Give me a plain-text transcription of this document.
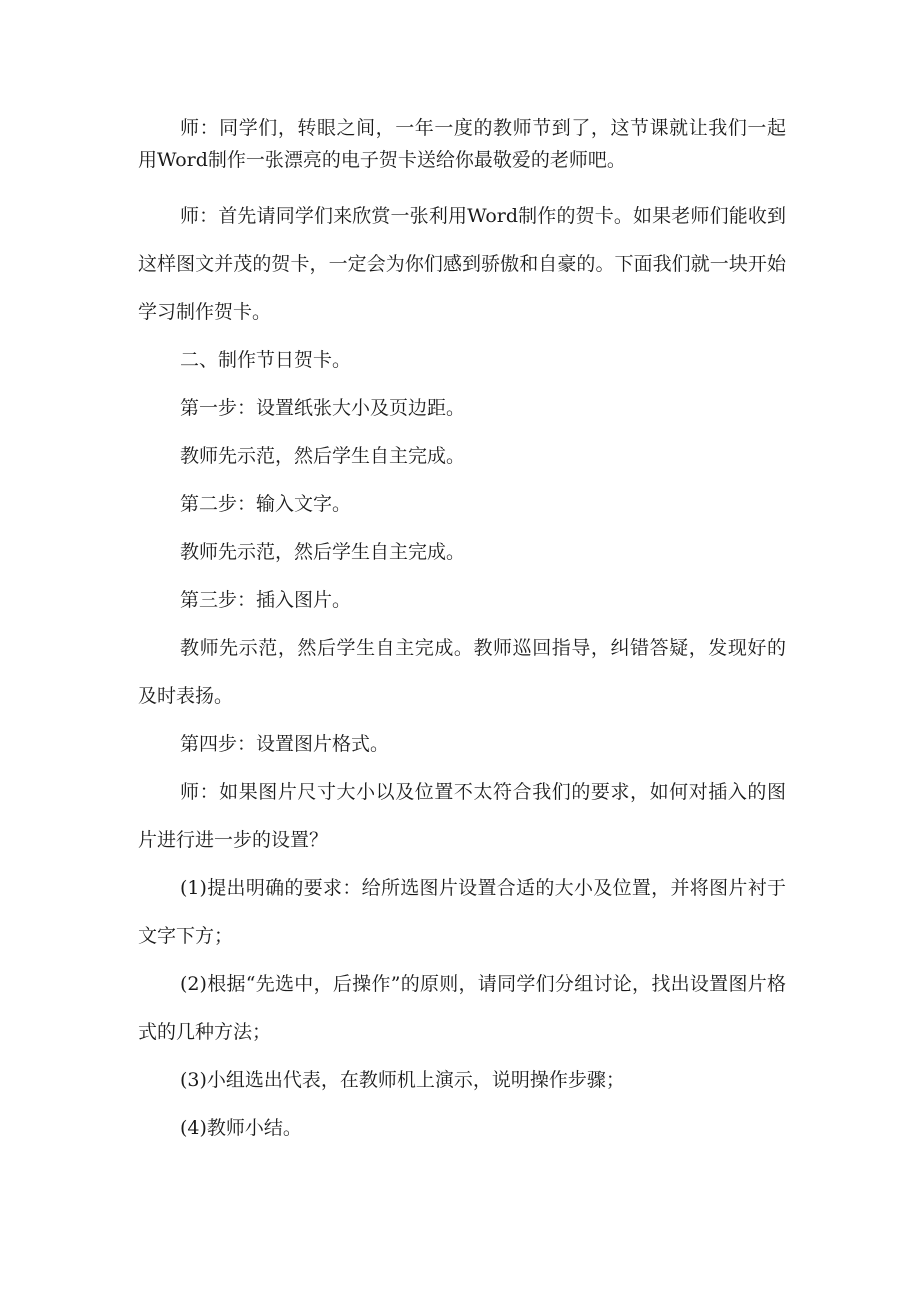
师：同学们，转眼之间，一年一度的教师节到了，这节课就让我们一起用Word制作一张漂亮的电子贺卡送给你最敬爱的老师吧。

师：首先请同学们来欣赏一张利用Word制作的贺卡。如果老师们能收到这样图文并茂的贺卡，一定会为你们感到骄傲和自豪的。下面我们就一块开始学习制作贺卡。

二、制作节日贺卡。

第一步：设置纸张大小及页边距。

教师先示范，然后学生自主完成。

第二步：输入文字。

教师先示范，然后学生自主完成。

第三步：插入图片。

教师先示范，然后学生自主完成。教师巡回指导，纠错答疑，发现好的及时表扬。

第四步：设置图片格式。

师：如果图片尺寸大小以及位置不太符合我们的要求，如何对插入的图片进行进一步的设置？

(1)提出明确的要求：给所选图片设置合适的大小及位置，并将图片衬于文字下方；

(2)根据“先选中，后操作”的原则，请同学们分组讨论，找出设置图片格式的几种方法；

(3)小组选出代表，在教师机上演示，说明操作步骤；

(4)教师小结。
